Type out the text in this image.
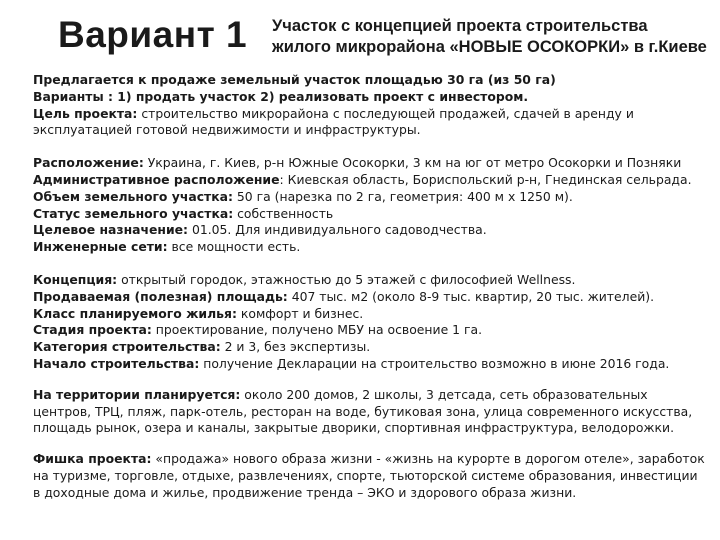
Вариант 1 Участок с концепцией проекта строительства
жилого микрорайона «НОВЫЕ ОСОКОРКИ» в г.Киеве

Предлагается к продаже земельный участок площадью 30 га (из 50 га)

Варианты : 1) продать участок 2) реализовать проект с инвестором.

Цель проекта: строительство микрорайона с последующей продажей, сдачей в аренду и эксплуатацией готовой недвижимости и инфраструктуры.

Расположение: Украина, г. Киев, р-н Южные Осокорки, 3 км на юг от метро Осокорки и Позняки

Административное расположение: Киевская область, Бориспольский р-н, Гнединская сельрада.

Объем земельного участка: 50 га (нарезка по 2 га, геометрия: 400 м х 1250 м).

Статус земельного участка: собственность

Целевое назначение: 01.05. Для индивидуального садоводчества.

Инженерные сети: все мощности есть.

Концепция: открытый городок, этажностью до 5 этажей с философией Wellness.

Продаваемая (полезная) площадь: 407 тыс. м2 (около 8-9 тыс. квартир, 20 тыс. жителей).

Класс планируемого жилья: комфорт и бизнес.

Стадия проекта: проектирование, получено МБУ на освоение 1 га.

Категория строительства: 2 и 3, без экспертизы.

Начало строительства: получение Декларации на строительство возможно в июне 2016 года.

На территории планируется: около 200 домов, 2 школы, 3 детсада, сеть образовательных центров, ТРЦ, пляж, парк-отель, ресторан на воде, бутиковая зона, улица современного искусства, площадь рынок, озера и каналы, закрытые дворики, спортивная инфраструктура, велодорожки.

Фишка проекта: «продажа» нового образа жизни - «жизнь на курорте в дорогом отеле», заработок на туризме, торговле, отдыхе, развлечениях, спорте, тьюторской системе образования, инвестиции в доходные дома и жилье, продвижение тренда – ЭКО и здорового образа жизни.
